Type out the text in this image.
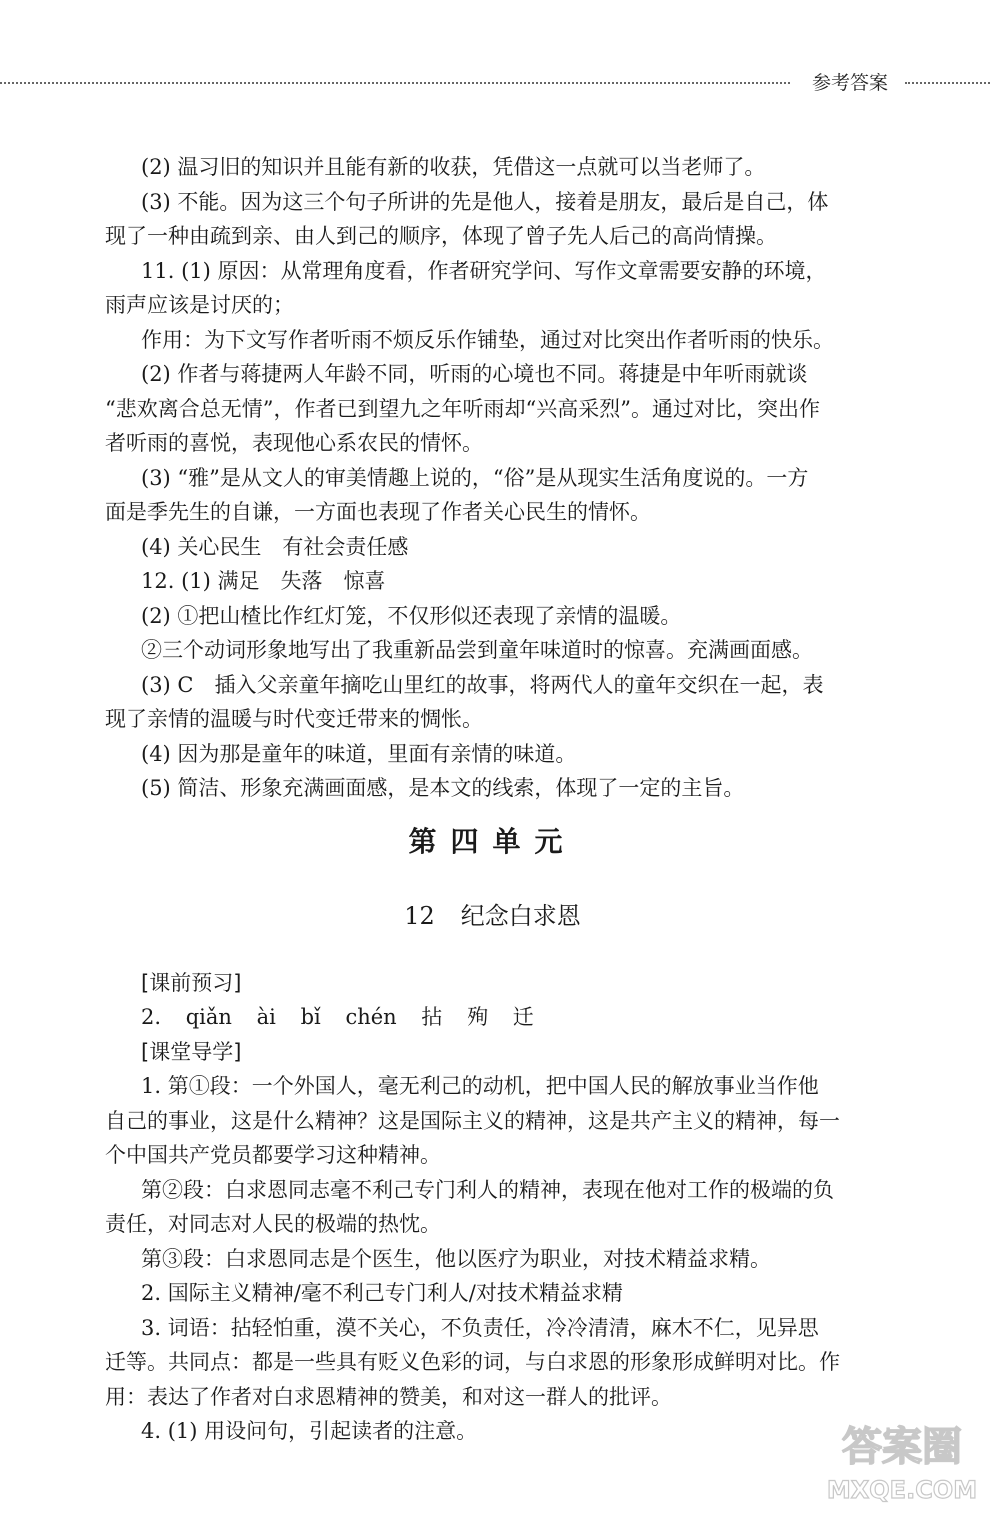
参考答案

(2) 温习旧的知识并且能有新的收获，凭借这一点就可以当老师了。

(3) 不能。因为这三个句子所讲的先是他人，接着是朋友，最后是自己，体

现了一种由疏到亲、由人到己的顺序，体现了曾子先人后己的高尚情操。

11. (1) 原因：从常理角度看，作者研究学问、写作文章需要安静的环境，

雨声应该是讨厌的；

作用：为下文写作者听雨不烦反乐作铺垫，通过对比突出作者听雨的快乐。

(2) 作者与蒋捷两人年龄不同，听雨的心境也不同。蒋捷是中年听雨就谈

“悲欢离合总无情”，作者已到望九之年听雨却“兴高采烈”。通过对比，突出作

者听雨的喜悦，表现他心系农民的情怀。

(3) “雅”是从文人的审美情趣上说的，“俗”是从现实生活角度说的。一方

面是季先生的自谦，一方面也表现了作者关心民生的情怀。

(4) 关心民生　有社会责任感

12. (1) 满足　失落　惊喜

(2) ①把山楂比作红灯笼，不仅形似还表现了亲情的温暖。

②三个动词形象地写出了我重新品尝到童年味道时的惊喜。充满画面感。

(3) C　插入父亲童年摘吃山里红的故事，将两代人的童年交织在一起，表

现了亲情的温暖与时代变迁带来的惆怅。

(4) 因为那是童年的味道，里面有亲情的味道。

(5) 简洁、形象充满画面感，是本文的线索，体现了一定的主旨。

第四单元
12 纪念白求恩

[课前预习]

2. qiǎn ài bǐ chén 拈 殉 迁

[课堂导学]

1. 第①段：一个外国人，毫无利己的动机，把中国人民的解放事业当作他

自己的事业，这是什么精神？这是国际主义的精神，这是共产主义的精神，每一

个中国共产党员都要学习这种精神。

第②段：白求恩同志毫不利己专门利人的精神，表现在他对工作的极端的负

责任，对同志对人民的极端的热忱。

第③段：白求恩同志是个医生，他以医疗为职业，对技术精益求精。

2. 国际主义精神/毫不利己专门利人/对技术精益求精

3. 词语：拈轻怕重，漠不关心，不负责任，冷冷清清，麻木不仁，见异思

迁等。共同点：都是一些具有贬义色彩的词，与白求恩的形象形成鲜明对比。作

用：表达了作者对白求恩精神的赞美，和对这一群人的批评。

4. (1) 用设问句，引起读者的注意。	答案圈
MXQE.COM
